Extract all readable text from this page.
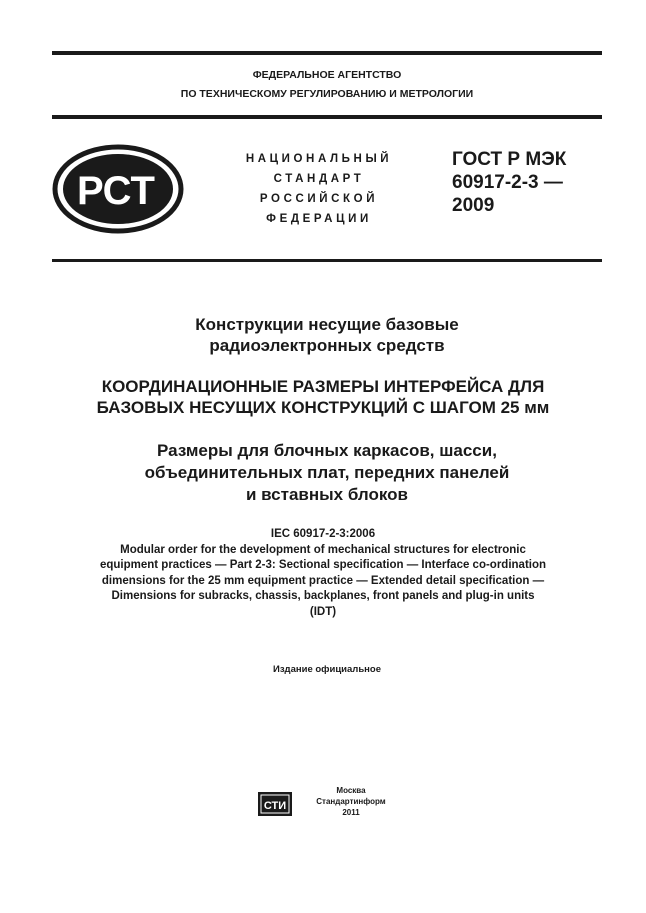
ФЕДЕРАЛЬНОЕ АГЕНТСТВО
ПО ТЕХНИЧЕСКОМУ РЕГУЛИРОВАНИЮ И МЕТРОЛОГИИ
РСТ
НАЦИОНАЛЬНЫЙ
СТАНДАРТ
РОССИЙСКОЙ
ФЕДЕРАЦИИ
ГОСТ Р МЭК
60917-2-3 —
2009
Конструкции несущие базовые
радиоэлектронных средств
КООРДИНАЦИОННЫЕ РАЗМЕРЫ ИНТЕРФЕЙСА ДЛЯ
БАЗОВЫХ НЕСУЩИХ КОНСТРУКЦИЙ С ШАГОМ 25 мм
Размеры для блочных каркасов, шасси,
объединительных плат, передних панелей
и вставных блоков
IEC 60917-2-3:2006
Modular order for the development of mechanical structures for electronic
equipment practices — Part 2-3: Sectional specification — Interface co-ordination
dimensions for the 25 mm equipment practice — Extended detail specification —
Dimensions for subracks, chassis, backplanes, front panels and plug-in units
(IDT)
Издание официальное
СТИ
Москва
Стандартинформ
2011
